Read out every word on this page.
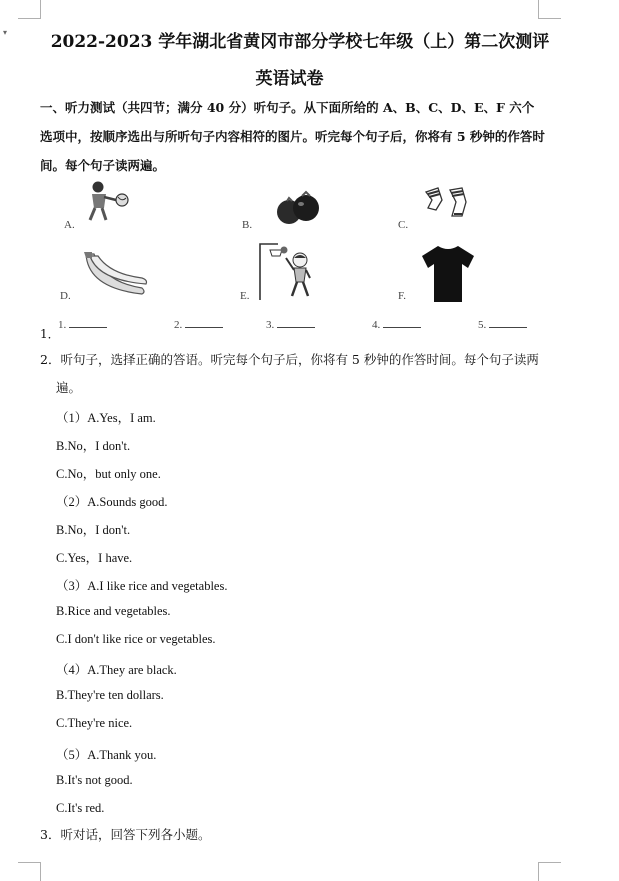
▾	2022-2023 学年湖北省黄冈市部分学校七年级（上）第二次测评
英语试卷
一、听力测试（共四节；满分 40 分）听句子。从下面所给的 A、B、C、D、E、F 六个选项中，按顺序选出与所听句子内容相符的图片。听完每个句子后，你将有 5 秒钟的作答时间。每个句子读两遍。
A.	B.	C.
D.	E.	F.
1．
1.	2.	3.	4.	5.
2．听句子，选择正确的答语。听完每个句子后，你将有 5 秒钟的作答时间。每个句子读两
遍。
（1）A.Yes，I am.
B.No，I don't.
C.No，but only one.
（2）A.Sounds good.
B.No，I don't.
C.Yes，I have.
（3）A.I like rice and vegetables.
B.Rice and vegetables.
C.I don't like rice or vegetables.
（4）A.They are black.
B.They're ten dollars.
C.They're nice.
（5）A.Thank you.
B.It's not good.
C.It's red.
3．听对话，回答下列各小题。
